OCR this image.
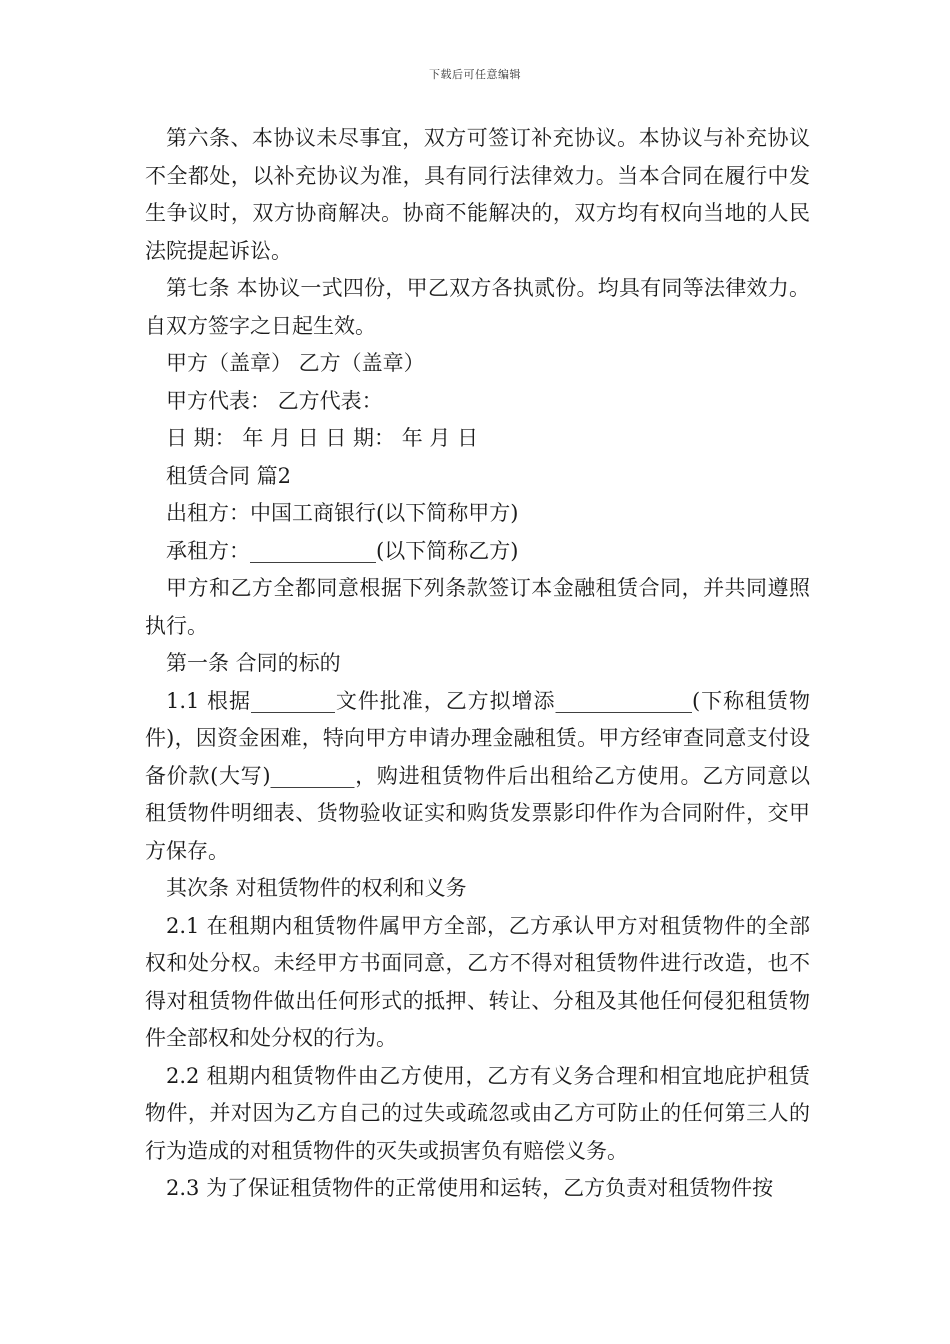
下载后可任意编辑

第六条、本协议未尽事宜，双方可签订补充协议。本协议与补充协议不全都处，以补充协议为准，具有同行法律效力。当本合同在履行中发生争议时，双方协商解决。协商不能解决的，双方均有权向当地的人民法院提起诉讼。

第七条 本协议一式四份，甲乙双方各执贰份。均具有同等法律效力。自双方签字之日起生效。

甲方（盖章） 乙方（盖章）

甲方代表： 乙方代表：

日 期： 年 月 日 日 期： 年 月 日

租赁合同 篇2

出租方：中国工商银行(以下简称甲方)

承租方：____________(以下简称乙方)

甲方和乙方全都同意根据下列条款签订本金融租赁合同，并共同遵照执行。

第一条 合同的标的

1.1 根据________文件批准，乙方拟增添_____________(下称租赁物件)，因资金困难，特向甲方申请办理金融租赁。甲方经审查同意支付设备价款(大写)________，购进租赁物件后出租给乙方使用。乙方同意以租赁物件明细表、货物验收证实和购货发票影印件作为合同附件，交甲方保存。

其次条 对租赁物件的权利和义务

2.1 在租期内租赁物件属甲方全部，乙方承认甲方对租赁物件的全部权和处分权。未经甲方书面同意，乙方不得对租赁物件进行改造，也不得对租赁物件做出任何形式的抵押、转让、分租及其他任何侵犯租赁物件全部权和处分权的行为。

2.2 租期内租赁物件由乙方使用，乙方有义务合理和相宜地庇护租赁物件，并对因为乙方自己的过失或疏忽或由乙方可防止的任何第三人的行为造成的对租赁物件的灭失或损害负有赔偿义务。

2.3 为了保证租赁物件的正常使用和运转，乙方负责对租赁物件按
